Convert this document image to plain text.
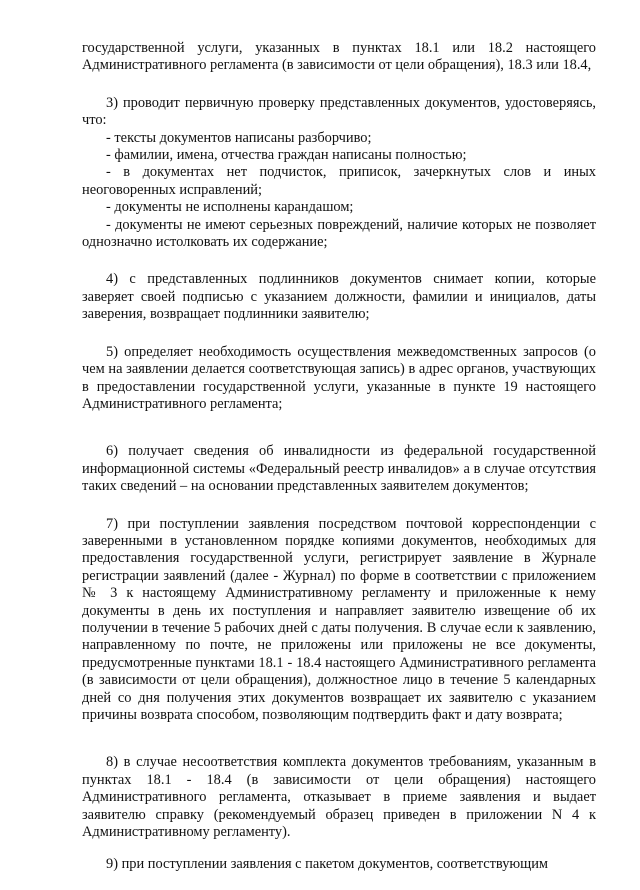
государственной услуги, указанных в пунктах 18.1 или 18.2 настоящего Административного регламента (в зависимости от цели обращения), 18.3 или 18.4,

3) проводит первичную проверку представленных документов, удостоверяясь, что:

- тексты документов написаны разборчиво;

- фамилии, имена, отчества граждан написаны полностью;

- в документах нет подчисток, приписок, зачеркнутых слов и иных неоговоренных исправлений;

- документы не исполнены карандашом;

- документы не имеют серьезных повреждений, наличие которых не позволяет однозначно истолковать их содержание;

4) с представленных подлинников документов снимает копии, которые заверяет своей подписью с указанием должности, фамилии и инициалов, даты заверения, возвращает подлинники заявителю;

5) определяет необходимость осуществления межведомственных запросов (о чем на заявлении делается соответствующая запись) в адрес органов, участвующих в предоставлении государственной услуги, указанные в пункте 19 настоящего Административного регламента;

6) получает сведения об инвалидности из федеральной государственной информационной системы «Федеральный реестр инвалидов» а в случае отсутствия таких сведений – на основании представленных заявителем документов;

7) при поступлении заявления посредством почтовой корреспонденции с заверенными в установленном порядке копиями документов, необходимых для предоставления государственной услуги, регистрирует заявление в Журнале регистрации заявлений (далее - Журнал) по форме в соответствии с приложением № 3 к настоящему Административному регламенту и приложенные к нему документы в день их поступления и направляет заявителю извещение об их получении в течение 5 рабочих дней с даты получения. В случае если к заявлению, направленному по почте, не приложены или приложены не все документы, предусмотренные пунктами 18.1 - 18.4 настоящего Административного регламента (в зависимости от цели обращения), должностное лицо в течение 5 календарных дней со дня получения этих документов возвращает их заявителю с указанием причины возврата способом, позволяющим подтвердить факт и дату возврата;

8) в случае несоответствия комплекта документов требованиям, указанным в пунктах 18.1 - 18.4 (в зависимости от цели обращения) настоящего Административного регламента, отказывает в приеме заявления и выдает заявителю справку (рекомендуемый образец приведен в приложении N 4 к Административному регламенту).

9) при поступлении заявления с пакетом документов, соответствующим
